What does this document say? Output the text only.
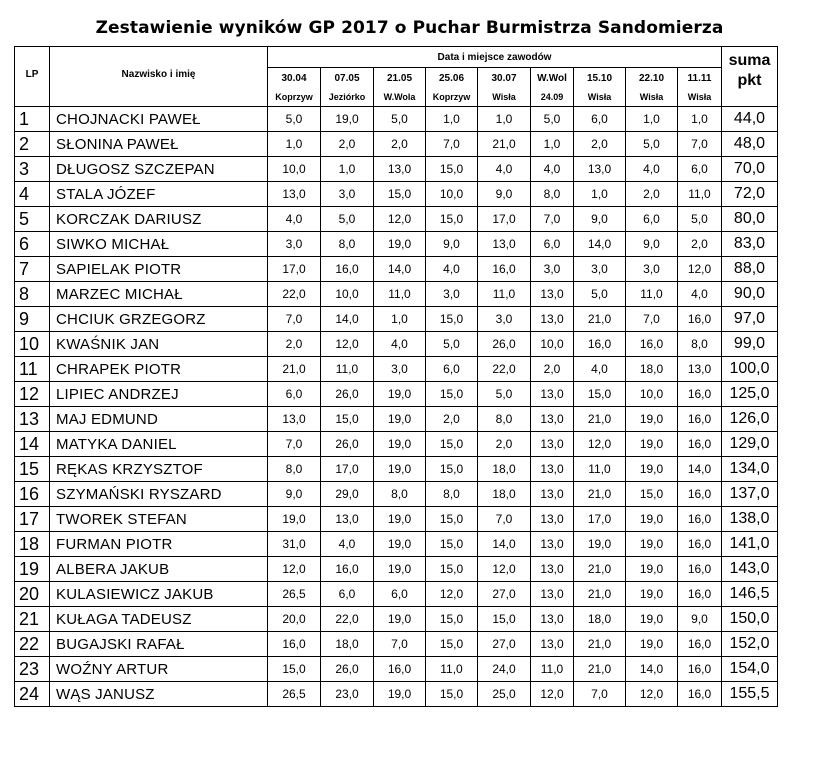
Zestawienie wyników GP 2017 o Puchar Burmistrza Sandomierza
LP	Nazwisko i imię	Data i miejsce zawodów									suma pkt
		30.04	07.05	21.05	25.06	30.07	W.Wol	15.10	22.10	11.11	
		Koprzyw	Jeziórko	W.Wola	Koprzyw	Wisła	24.09	Wisła	Wisła	Wisła	
1	CHOJNACKI PAWEŁ	5,0	19,0	5,0	1,0	1,0	5,0	6,0	1,0	1,0	44,0
2	SŁONINA PAWEŁ	1,0	2,0	2,0	7,0	21,0	1,0	2,0	5,0	7,0	48,0
3	DŁUGOSZ SZCZEPAN	10,0	1,0	13,0	15,0	4,0	4,0	13,0	4,0	6,0	70,0
4	STALA JÓZEF	13,0	3,0	15,0	10,0	9,0	8,0	1,0	2,0	11,0	72,0
5	KORCZAK DARIUSZ	4,0	5,0	12,0	15,0	17,0	7,0	9,0	6,0	5,0	80,0
6	SIWKO MICHAŁ	3,0	8,0	19,0	9,0	13,0	6,0	14,0	9,0	2,0	83,0
7	SAPIELAK PIOTR	17,0	16,0	14,0	4,0	16,0	3,0	3,0	3,0	12,0	88,0
8	MARZEC MICHAŁ	22,0	10,0	11,0	3,0	11,0	13,0	5,0	11,0	4,0	90,0
9	CHCIUK GRZEGORZ	7,0	14,0	1,0	15,0	3,0	13,0	21,0	7,0	16,0	97,0
10	KWAŚNIK JAN	2,0	12,0	4,0	5,0	26,0	10,0	16,0	16,0	8,0	99,0
11	CHRAPEK PIOTR	21,0	11,0	3,0	6,0	22,0	2,0	4,0	18,0	13,0	100,0
12	LIPIEC ANDRZEJ	6,0	26,0	19,0	15,0	5,0	13,0	15,0	10,0	16,0	125,0
13	MAJ EDMUND	13,0	15,0	19,0	2,0	8,0	13,0	21,0	19,0	16,0	126,0
14	MATYKA DANIEL	7,0	26,0	19,0	15,0	2,0	13,0	12,0	19,0	16,0	129,0
15	RĘKAS KRZYSZTOF	8,0	17,0	19,0	15,0	18,0	13,0	11,0	19,0	14,0	134,0
16	SZYMAŃSKI RYSZARD	9,0	29,0	8,0	8,0	18,0	13,0	21,0	15,0	16,0	137,0
17	TWOREK STEFAN	19,0	13,0	19,0	15,0	7,0	13,0	17,0	19,0	16,0	138,0
18	FURMAN PIOTR	31,0	4,0	19,0	15,0	14,0	13,0	19,0	19,0	16,0	141,0
19	ALBERA JAKUB	12,0	16,0	19,0	15,0	12,0	13,0	21,0	19,0	16,0	143,0
20	KULASIEWICZ JAKUB	26,5	6,0	6,0	12,0	27,0	13,0	21,0	19,0	16,0	146,5
21	KUŁAGA TADEUSZ	20,0	22,0	19,0	15,0	15,0	13,0	18,0	19,0	9,0	150,0
22	BUGAJSKI RAFAŁ	16,0	18,0	7,0	15,0	27,0	13,0	21,0	19,0	16,0	152,0
23	WOŹNY ARTUR	15,0	26,0	16,0	11,0	24,0	11,0	21,0	14,0	16,0	154,0
24	WĄS JANUSZ	26,5	23,0	19,0	15,0	25,0	12,0	7,0	12,0	16,0	155,5
